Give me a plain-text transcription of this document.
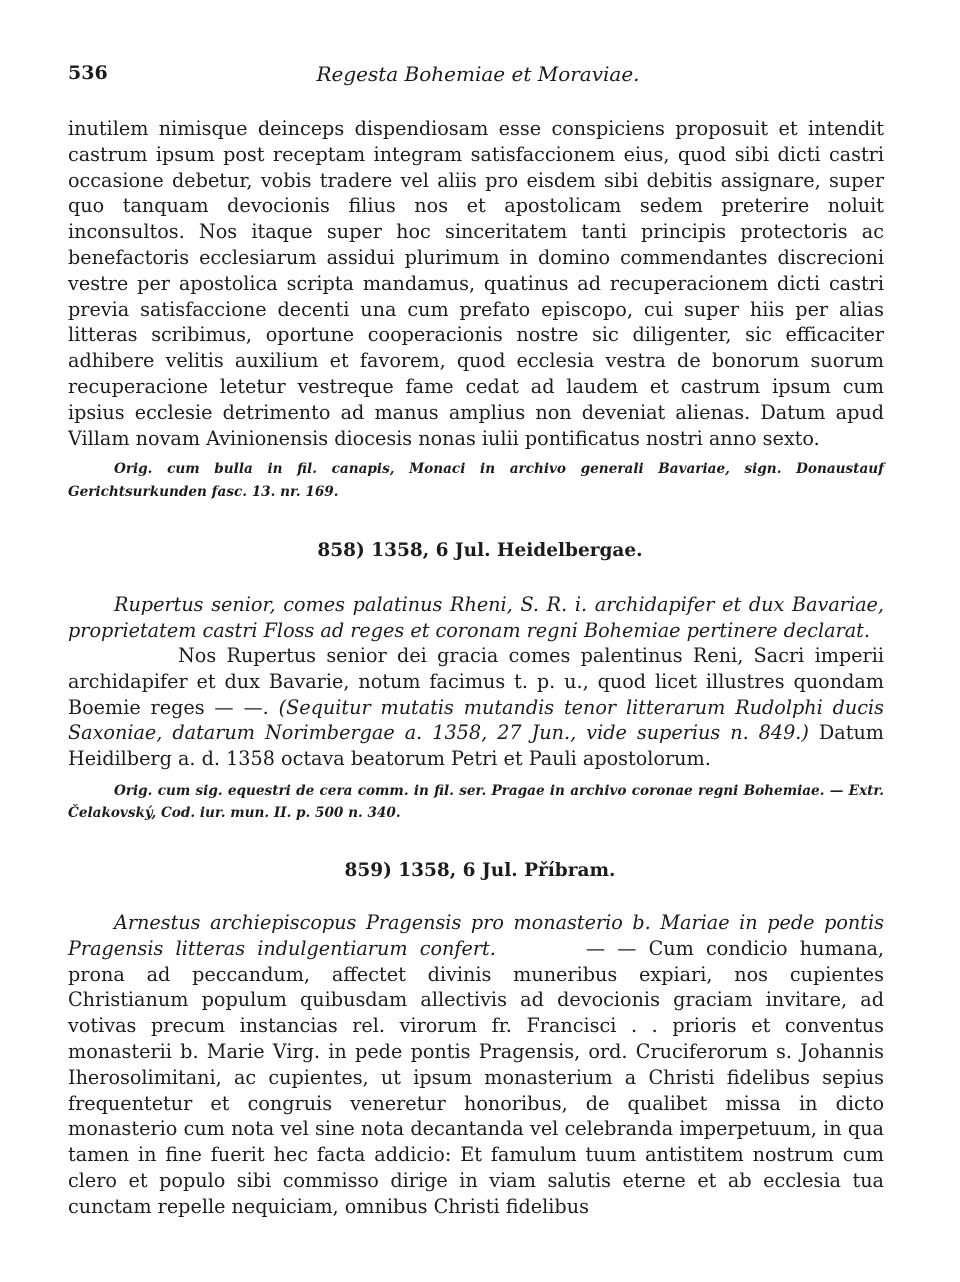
536	Regesta Bohemiae et Moraviae.
inutilem nimisque deinceps dispendiosam esse conspiciens proposuit et intendit castrum ipsum post receptam integram satisfaccionem eius, quod sibi dicti castri occasione debetur, vobis tradere vel aliis pro eisdem sibi debitis assignare, super quo tanquam devocionis filius nos et apostolicam sedem preterire noluit inconsultos. Nos itaque super hoc sinceritatem tanti principis protectoris ac benefactoris ecclesiarum assidui plurimum in domino commendantes discrecioni vestre per apostolica scripta mandamus, quatinus ad recuperacionem dicti castri previa satisfaccione decenti una cum prefato episcopo, cui super hiis per alias litteras scribimus, oportune cooperacionis nostre sic diligenter, sic efficaciter adhibere velitis auxilium et favorem, quod ecclesia vestra de bonorum suorum recuperacione letetur vestreque fame cedat ad laudem et castrum ipsum cum ipsius ecclesie detrimento ad manus amplius non deveniat alienas. Datum apud Villam novam Avinionensis diocesis nonas iulii pontificatus nostri anno sexto.
Orig. cum bulla in fil. canapis, Monaci in archivo generali Bavariae, sign. Donaustauf Gerichtsurkunden fasc. 13. nr. 169.
858) 1358, 6 Jul. Heidelbergae.
Rupertus senior, comes palatinus Rheni, S. R. i. archidapifer et dux Bavariae, proprietatem castri Floss ad reges et coronam regni Bohemiae pertinere declarat.
Nos Rupertus senior dei gracia comes palentinus Reni, Sacri imperii archidapifer et dux Bavarie, notum facimus t. p. u., quod licet illustres quondam Boemie reges — —. (Sequitur mutatis mutandis tenor litterarum Rudolphi ducis Saxoniae, datarum Norimbergae a. 1358, 27 Jun., vide superius n. 849.) Datum Heidilberg a. d. 1358 octava beatorum Petri et Pauli apostolorum.
Orig. cum sig. equestri de cera comm. in fil. ser. Pragae in archivo coronae regni Bohemiae. — Extr. Čelakovský, Cod. iur. mun. II. p. 500 n. 340.
859) 1358, 6 Jul. Příbram.
Arnestus archiepiscopus Pragensis pro monasterio b. Mariae in pede pontis Pragensis litteras indulgentiarum confert.	— — Cum condicio humana, prona ad peccandum, affectet divinis muneribus expiari, nos cupientes Christianum populum quibusdam allectivis ad devocionis graciam invitare, ad votivas precum instancias rel. virorum fr. Francisci . . prioris et conventus monasterii b. Marie Virg. in pede pontis Pragensis, ord. Cruciferorum s. Johannis Iherosolimitani, ac cupientes, ut ipsum monasterium a Christi fidelibus sepius frequentetur et congruis veneretur honoribus, de qualibet missa in dicto monasterio cum nota vel sine nota decantanda vel celebranda imperpetuum, in qua tamen in fine fuerit hec facta addicio: Et famulum tuum antistitem nostrum cum clero et populo sibi commisso dirige in viam salutis eterne et ab ecclesia tua cunctam repelle nequiciam, omnibus Christi fidelibus
